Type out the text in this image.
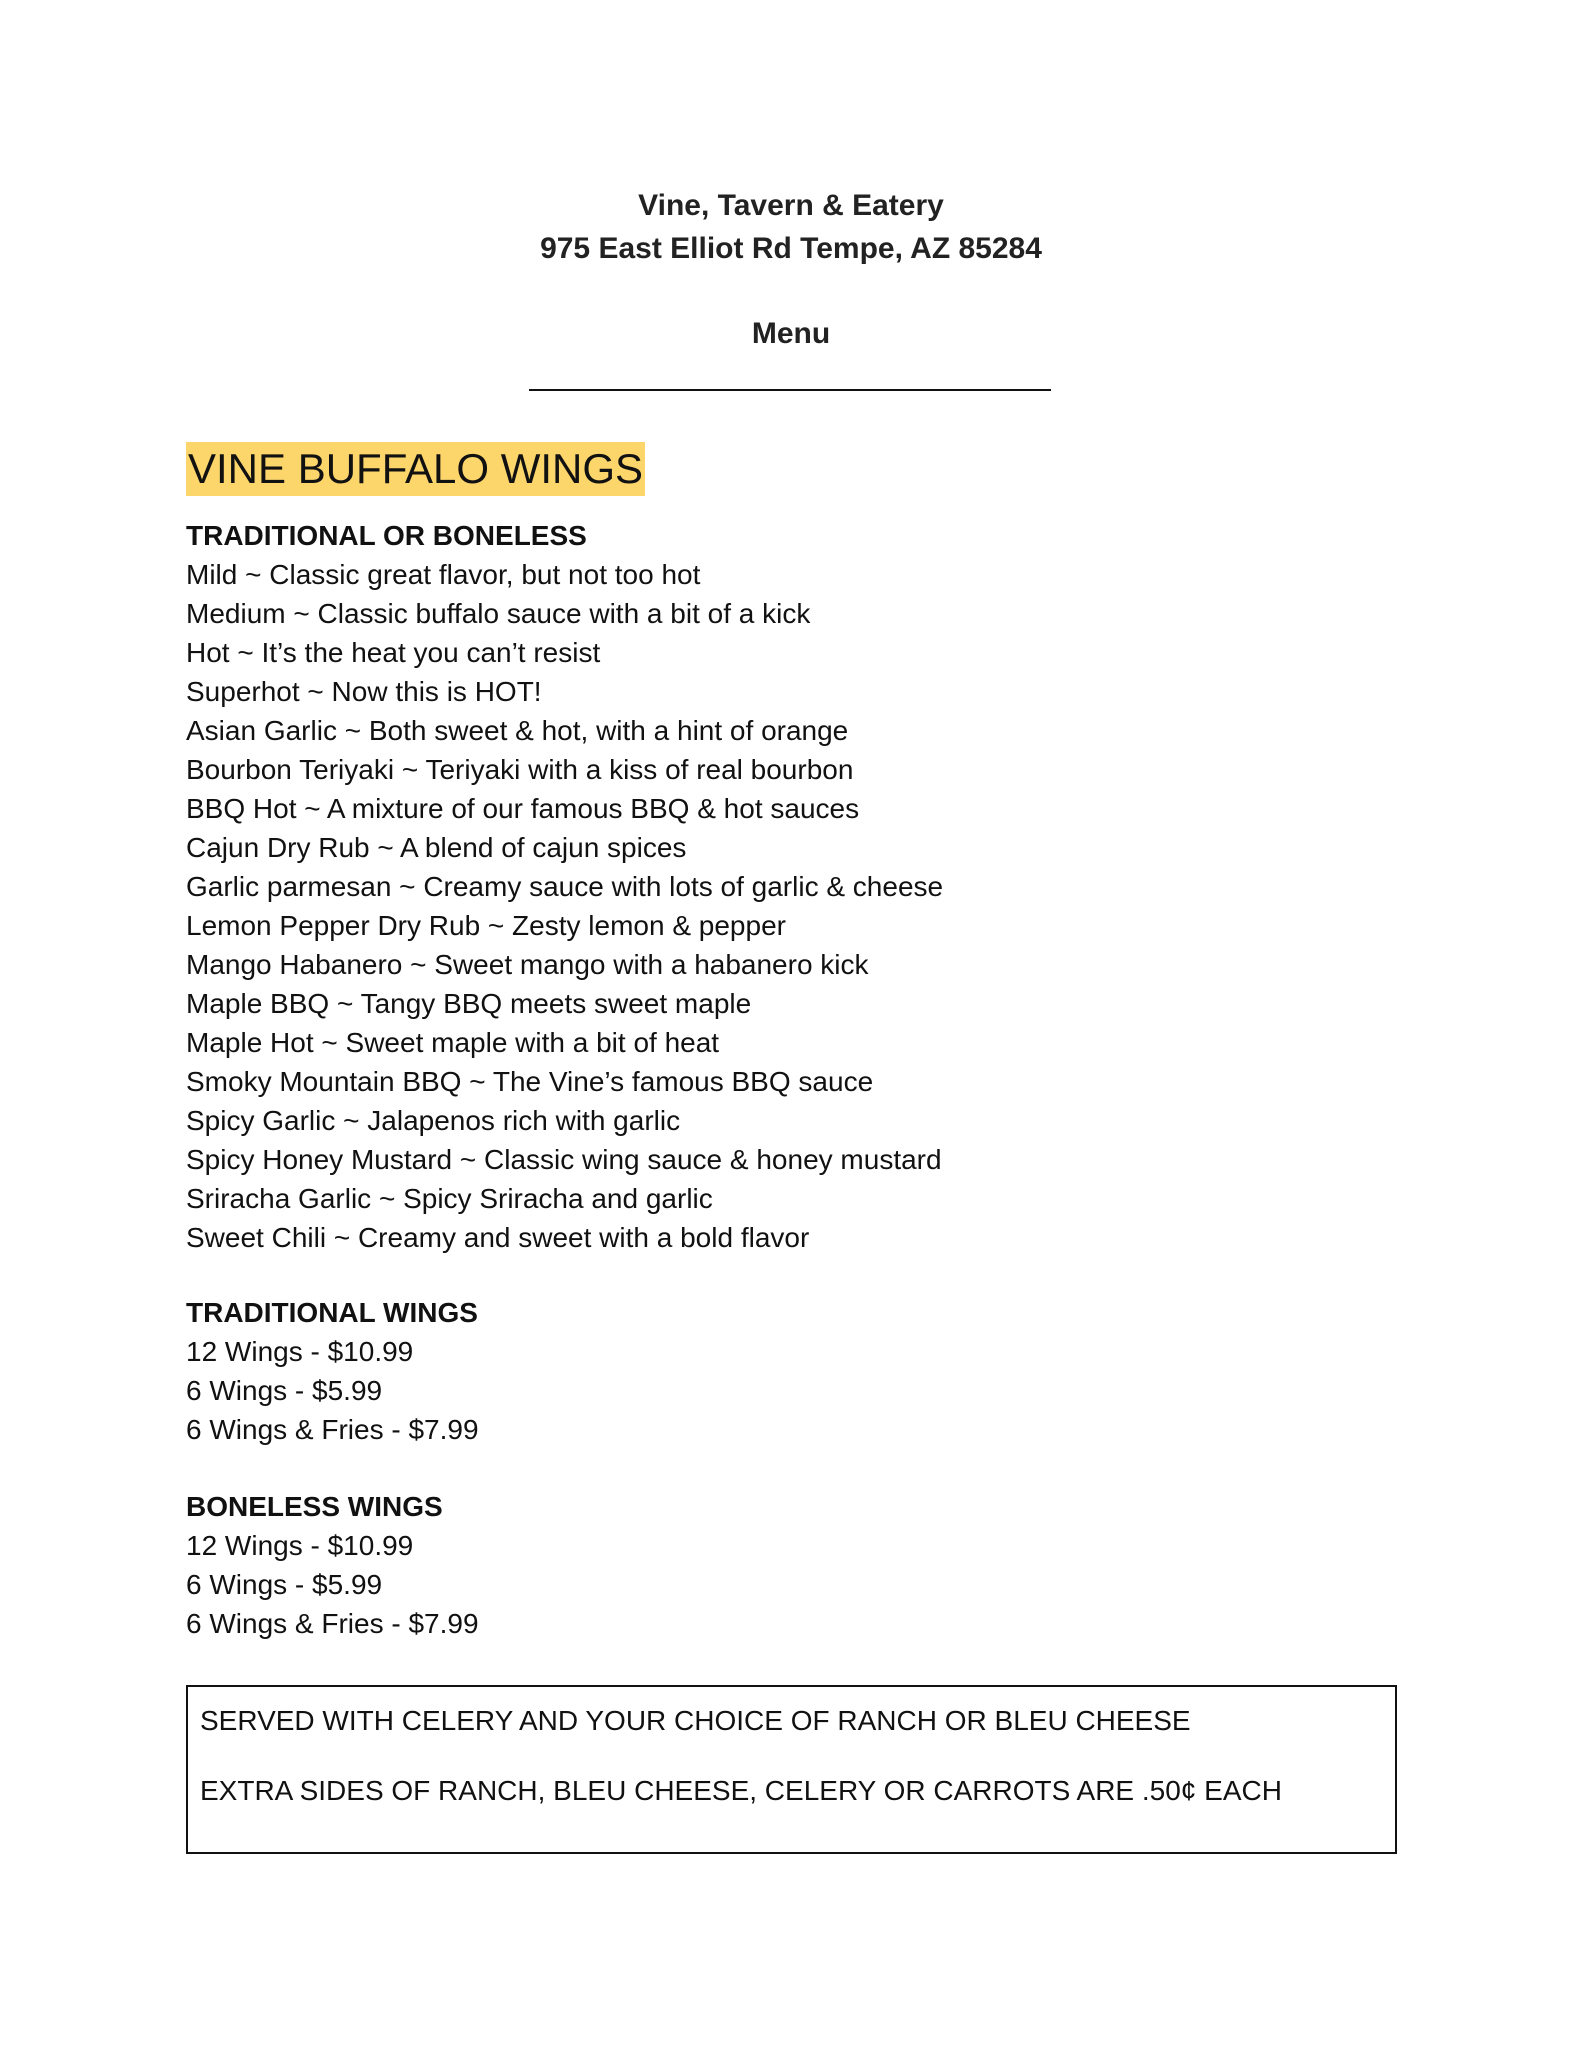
Vine, Tavern & Eatery
975 East Elliot Rd Tempe, AZ 85284
Menu
VINE BUFFALO WINGS
TRADITIONAL OR BONELESS
Mild ~ Classic great flavor, but not too hot
Medium ~ Classic buffalo sauce with a bit of a kick
Hot ~ It’s the heat you can’t resist
Superhot ~ Now this is HOT!
Asian Garlic ~ Both sweet & hot, with a hint of orange
Bourbon Teriyaki ~ Teriyaki with a kiss of real bourbon
BBQ Hot ~ A mixture of our famous BBQ & hot sauces
Cajun Dry Rub ~ A blend of cajun spices
Garlic parmesan ~ Creamy sauce with lots of garlic & cheese
Lemon Pepper Dry Rub ~ Zesty lemon & pepper
Mango Habanero ~ Sweet mango with a habanero kick
Maple BBQ ~ Tangy BBQ meets sweet maple
Maple Hot ~ Sweet maple with a bit of heat
Smoky Mountain BBQ ~ The Vine’s famous BBQ sauce
Spicy Garlic ~ Jalapenos rich with garlic
Spicy Honey Mustard ~ Classic wing sauce & honey mustard
Sriracha Garlic ~ Spicy Sriracha and garlic
Sweet Chili ~ Creamy and sweet with a bold flavor
TRADITIONAL WINGS
12 Wings - $10.99
6 Wings - $5.99
6 Wings & Fries - $7.99
BONELESS WINGS
12 Wings - $10.99
6 Wings - $5.99
6 Wings & Fries - $7.99
SERVED WITH CELERY AND YOUR CHOICE OF RANCH OR BLEU CHEESE
EXTRA SIDES OF RANCH, BLEU CHEESE, CELERY OR CARROTS ARE .50¢ EACH
